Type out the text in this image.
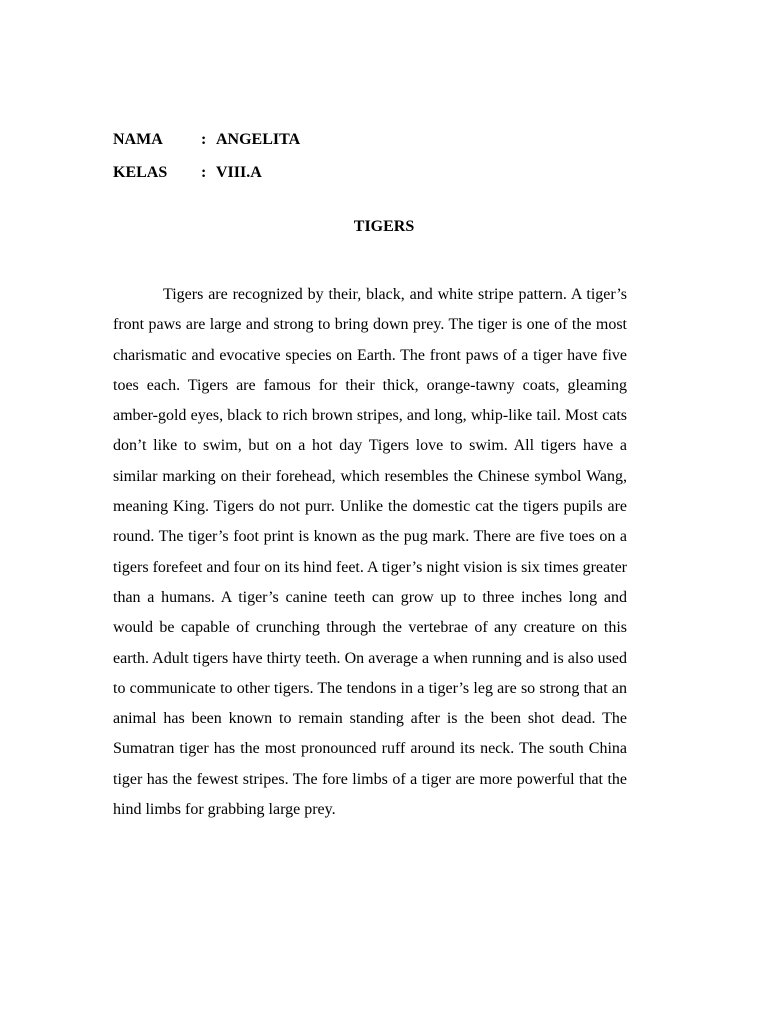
NAMA	: ANGELITA
KELAS	: VIII.A
TIGERS

Tigers are recognized by their, black, and white stripe pattern. A tiger’s front paws are large and strong to bring down prey. The tiger is one of the most charismatic and evocative species on Earth. The front paws of a tiger have five toes each. Tigers are famous for their thick, orange-tawny coats, gleaming amber-gold eyes, black to rich brown stripes, and long, whip-like tail. Most cats don’t like to swim, but on a hot day Tigers love to swim. All tigers have a similar marking on their forehead, which resembles the Chinese symbol Wang, meaning King. Tigers do not purr. Unlike the domestic cat the tigers pupils are round. The tiger’s foot print is known as the pug mark. There are five toes on a tigers forefeet and four on its hind feet. A tiger’s night vision is six times greater than a humans. A tiger’s canine teeth can grow up to three inches long and would be capable of crunching through the vertebrae of any creature on this earth. Adult tigers have thirty teeth. On average a when running and is also used to communicate to other tigers. The tendons in a tiger’s leg are so strong that an animal has been known to remain standing after is the been shot dead. The Sumatran tiger has the most pronounced ruff around its neck. The south China tiger has the fewest stripes. The fore limbs of a tiger are more powerful that the hind limbs for grabbing large prey.
